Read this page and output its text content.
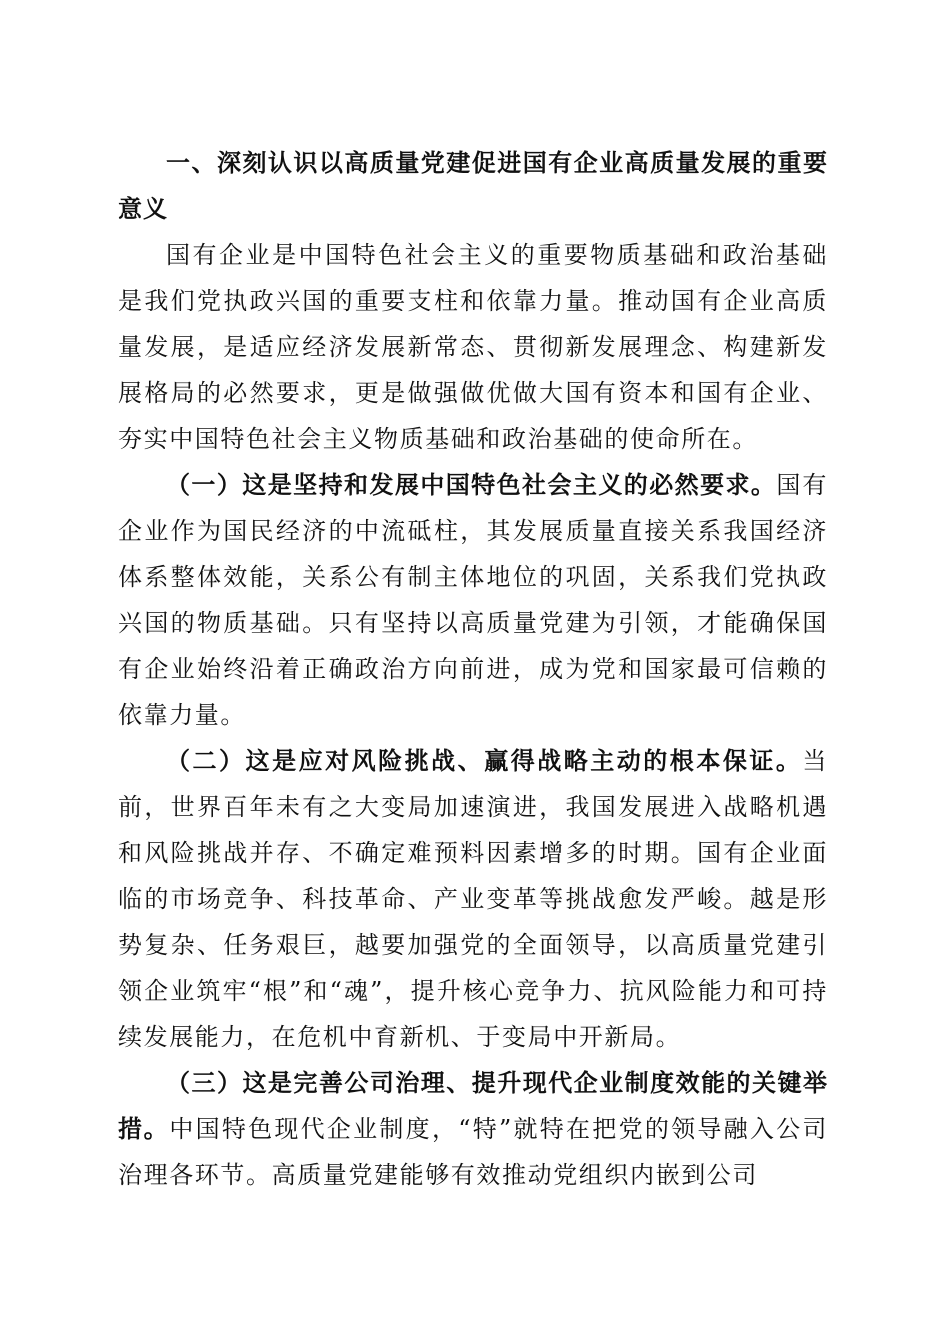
一、深刻认识以高质量党建促进国有企业高质量发展的重要意义

国有企业是中国特色社会主义的重要物质基础和政治基础是我们党执政兴国的重要支柱和依靠力量。推动国有企业高质量发展，是适应经济发展新常态、贯彻新发展理念、构建新发展格局的必然要求，更是做强做优做大国有资本和国有企业、夯实中国特色社会主义物质基础和政治基础的使命所在。

（一）这是坚持和发展中国特色社会主义的必然要求。国有企业作为国民经济的中流砥柱，其发展质量直接关系我国经济体系整体效能，关系公有制主体地位的巩固，关系我们党执政兴国的物质基础。只有坚持以高质量党建为引领，才能确保国有企业始终沿着正确政治方向前进，成为党和国家最可信赖的依靠力量。

（二）这是应对风险挑战、赢得战略主动的根本保证。当前，世界百年未有之大变局加速演进，我国发展进入战略机遇和风险挑战并存、不确定难预料因素增多的时期。国有企业面临的市场竞争、科技革命、产业变革等挑战愈发严峻。越是形势复杂、任务艰巨，越要加强党的全面领导，以高质量党建引领企业筑牢“根”和“魂”，提升核心竞争力、抗风险能力和可持续发展能力，在危机中育新机、于变局中开新局。

（三）这是完善公司治理、提升现代企业制度效能的关键举措。中国特色现代企业制度，“特”就特在把党的领导融入公司治理各环节。高质量党建能够有效推动党组织内嵌到公司
